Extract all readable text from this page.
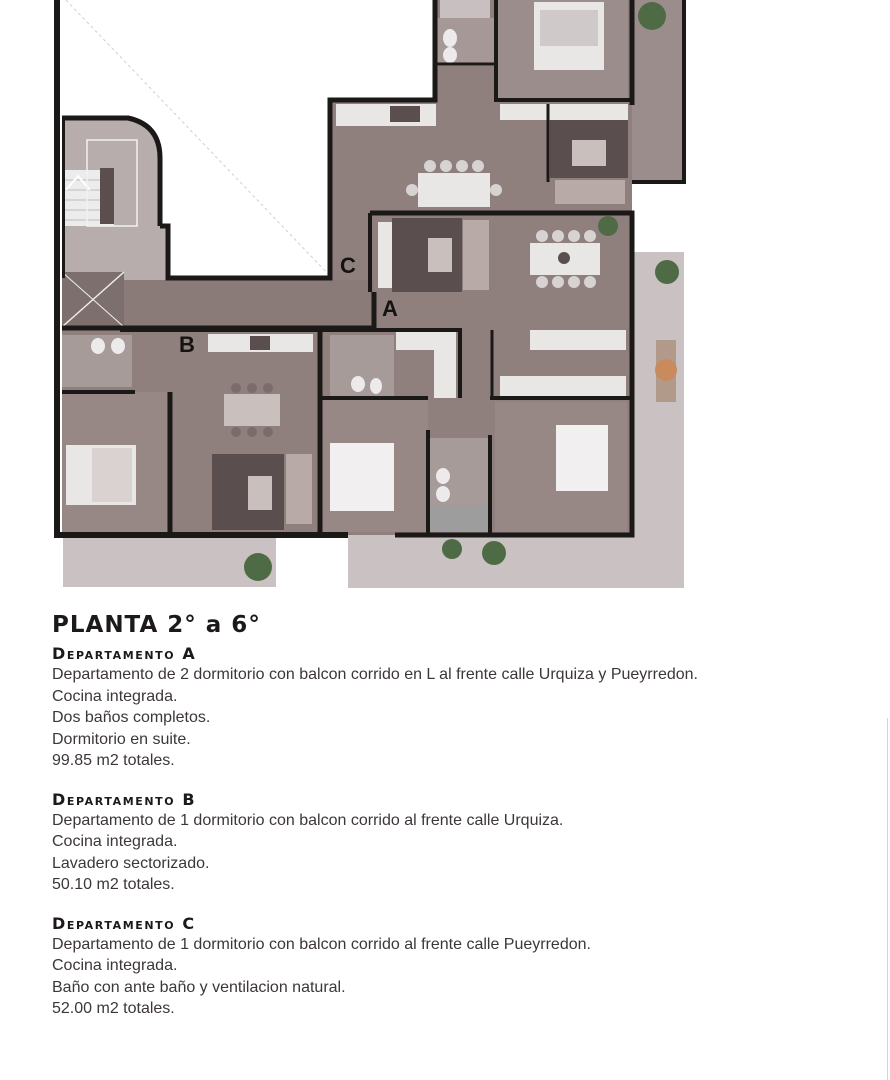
C
A
B
PLANTA 2° a 6°
Departamento A

Departamento de 2 dormitorio con balcon corrido en L al frente calle Urquiza y Pueyrredon.

Cocina integrada.

Dos baños completos.

Dormitorio en suite.

99.85 m2 totales.

Departamento B

Departamento de 1 dormitorio con balcon corrido al frente calle Urquiza.

Cocina integrada.

Lavadero sectorizado.

50.10 m2 totales.

Departamento C

Departamento de 1 dormitorio con balcon corrido al frente calle Pueyrredon.

Cocina integrada.

Baño con ante baño y ventilacion natural.

52.00 m2 totales.
